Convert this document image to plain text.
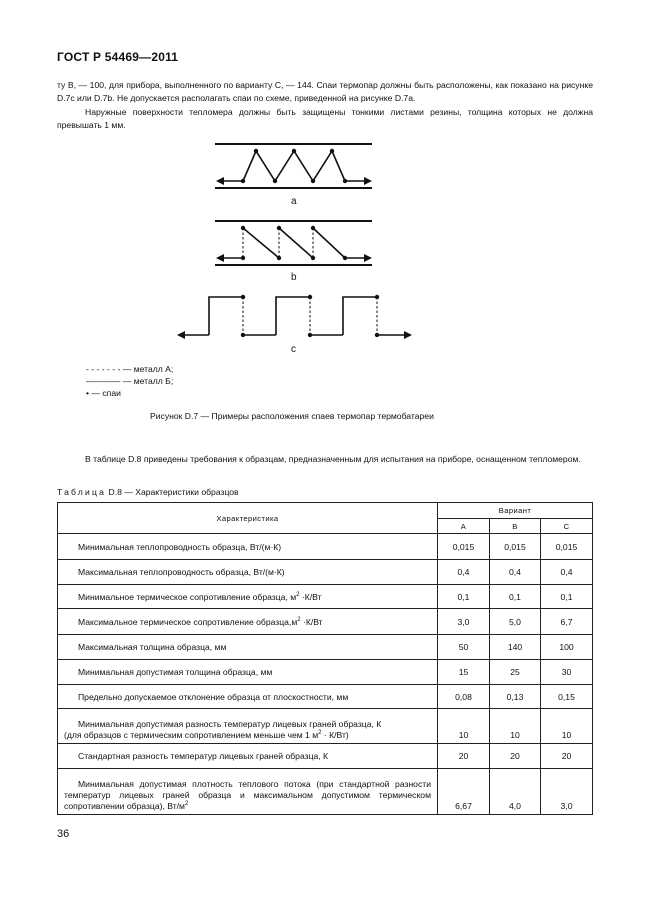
ГОСТ Р 54469—2011
ту B, — 100, для прибора, выполненного по варианту C, — 144. Спаи термопар должны быть расположены, как показано на рисунке D.7c или D.7b. Не допускается располагать спаи по схеме, приведенной на рисунке D.7a.
Наружные поверхности тепломера должны быть защищены тонкими листами резины, толщина которых не должна превышать 1 мм.
a
b
c
- - - - - - - — металл А;
———— — металл Б;
• — спаи
Рисунок D.7 — Примеры расположения спаев термопар термобатареи
В таблице D.8 приведены требования к образцам, предназначенным для испытания на приборе, оснащенном тепломером.
Таблица D.8 — Характеристики образцов
Характеристика	Вариант		
	A	B	C
Минимальная теплопроводность образца, Вт/(м·К)	0,015	0,015	0,015
Максимальная теплопроводность образца, Вт/(м·К)	0,4	0,4	0,4
Минимальное термическое сопротивление образца, $м^2 \cdot К/Вт$	0,1	0,1	0,1
Максимальное термическое сопротивление $образца,м^2 \cdot К/Вт$	3,0	5,0	6,7
Максимальная толщина образца, мм	50	140	100
Минимальная допустимая толщина образца, мм	15	25	30
Предельно допускаемое отклонение образца от плоскостности, мм	0,08	0,13	0,15

Минимальная допустимая разность температур лицевых граней образца, К
(для образцов с термическим сопротивлением меньше чем 1 $м^2 \cdot К/Вт$)	10	10	10
Стандартная разность температур лицевых граней образца, К	20	20	20
Минимальная допустимая плотность теплового потока (при стандартной разности температур лицевых граней образца и максимальном допустимом термическом сопротивлении образца), $Вт/м^2$	6,67	4,0	3,0
36
